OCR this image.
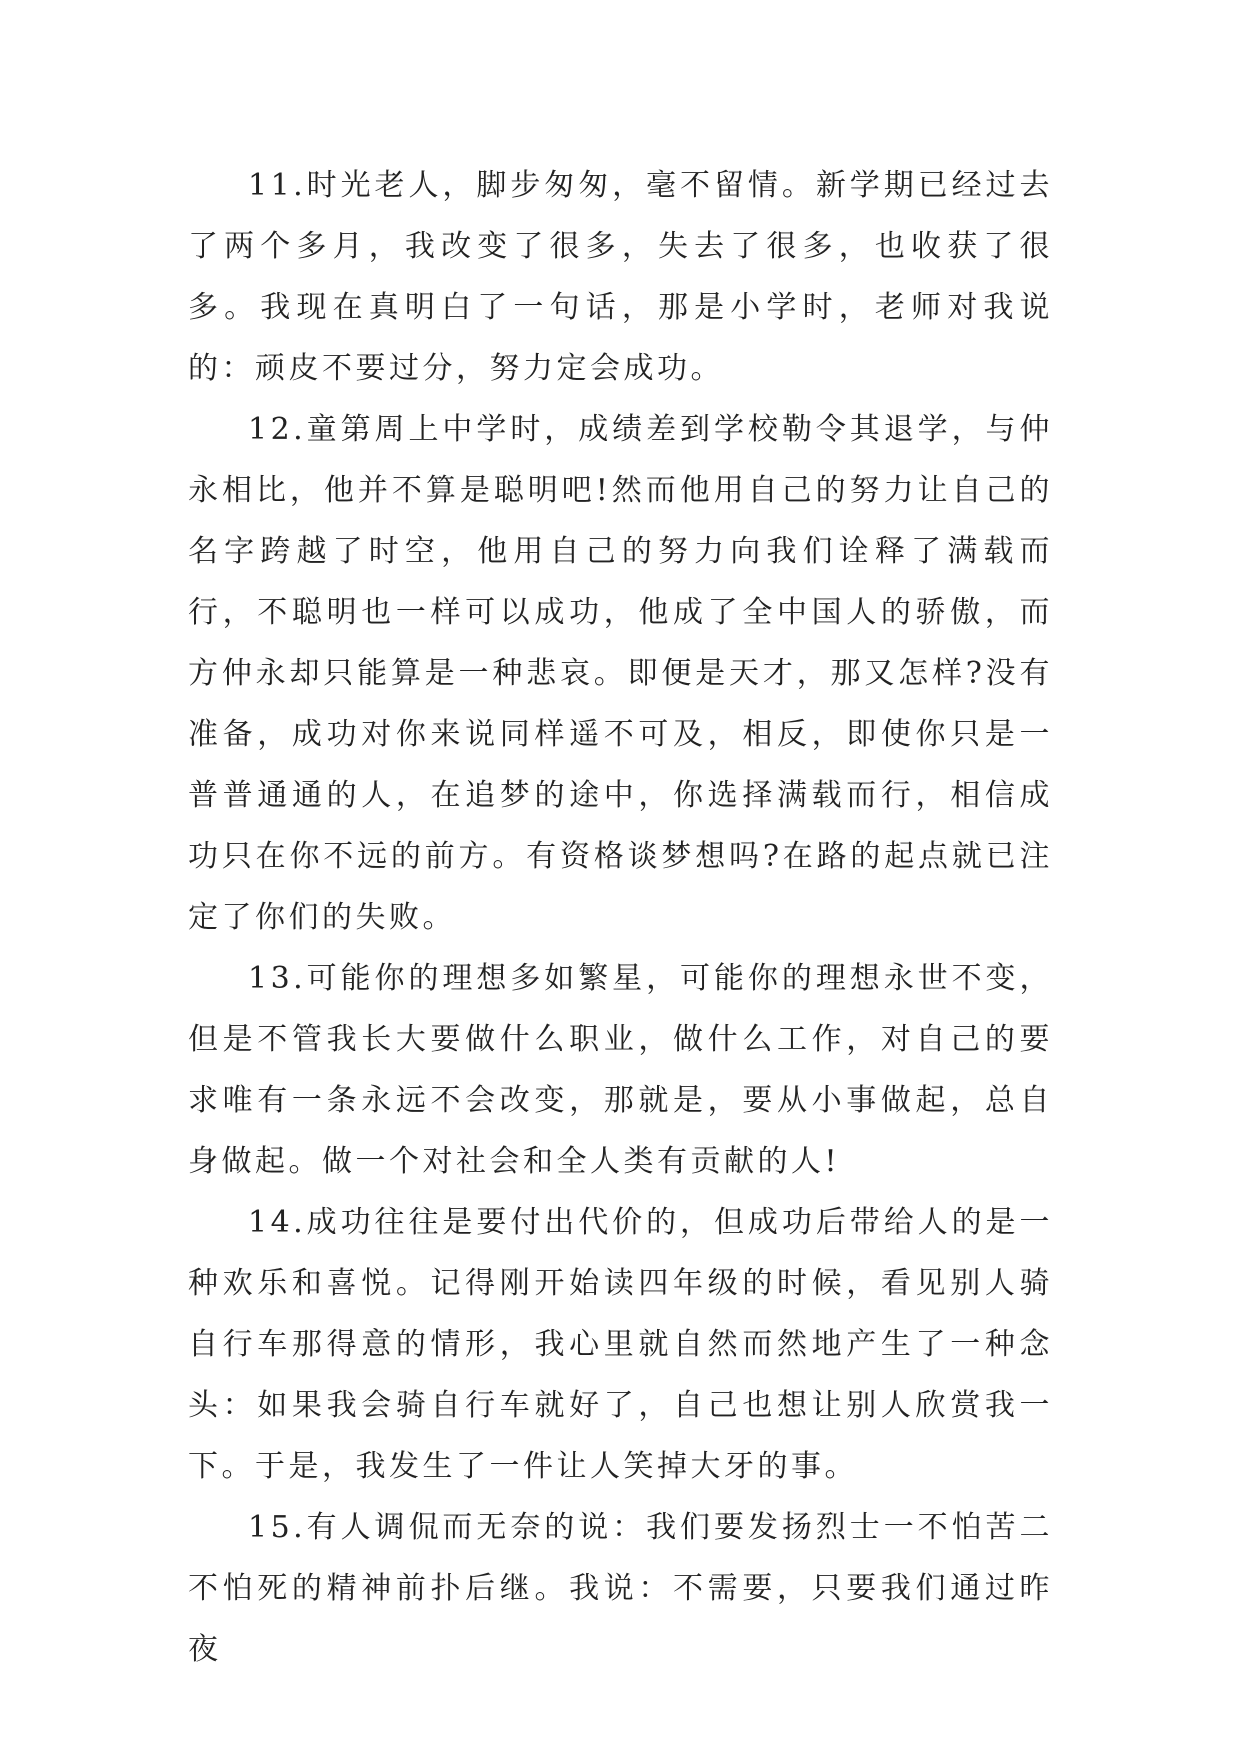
11.时光老人，脚步匆匆，毫不留情。新学期已经过去了两个多月，我改变了很多，失去了很多，也收获了很多。我现在真明白了一句话，那是小学时，老师对我说的：顽皮不要过分，努力定会成功。

12.童第周上中学时，成绩差到学校勒令其退学，与仲永相比，他并不算是聪明吧!然而他用自己的努力让自己的名字跨越了时空，他用自己的努力向我们诠释了满载而行，不聪明也一样可以成功，他成了全中国人的骄傲，而方仲永却只能算是一种悲哀。即便是天才，那又怎样?没有准备，成功对你来说同样遥不可及，相反，即使你只是一普普通通的人，在追梦的途中，你选择满载而行，相信成功只在你不远的前方。有资格谈梦想吗?在路的起点就已注定了你们的失败。

13.可能你的理想多如繁星，可能你的理想永世不变，但是不管我长大要做什么职业，做什么工作，对自己的要求唯有一条永远不会改变，那就是，要从小事做起，总自身做起。做一个对社会和全人类有贡献的人!

14.成功往往是要付出代价的，但成功后带给人的是一种欢乐和喜悦。记得刚开始读四年级的时候，看见别人骑自行车那得意的情形，我心里就自然而然地产生了一种念头：如果我会骑自行车就好了，自己也想让别人欣赏我一下。于是，我发生了一件让人笑掉大牙的事。

15.有人调侃而无奈的说：我们要发扬烈士一不怕苦二不怕死的精神前扑后继。我说：不需要，只要我们通过昨夜
